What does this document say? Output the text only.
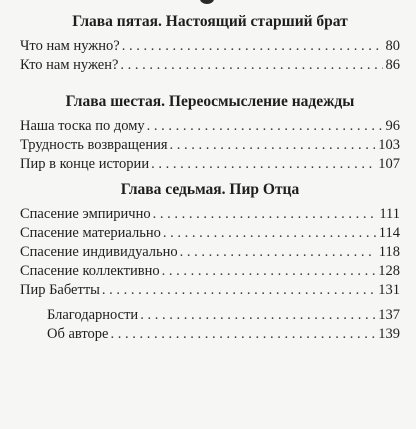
Глава пятая. Настоящий старший брат
Что нам нужно? . . .	80
Кто нам нужен? . . .	86
Глава шестая. Переосмысление надежды
Наша тоска по дому . . .	96
Трудность возвращения . . .	103
Пир в конце истории . . .	107
Глава седьмая. Пир Отца
Спасение эмпирично . . .	111
Спасение материально . . .	114
Спасение индивидуально . . .	118
Спасение коллективно . . .	128
Пир Бабетты . . .	131
Благодарности . . .	137
Об авторе . . .	139
